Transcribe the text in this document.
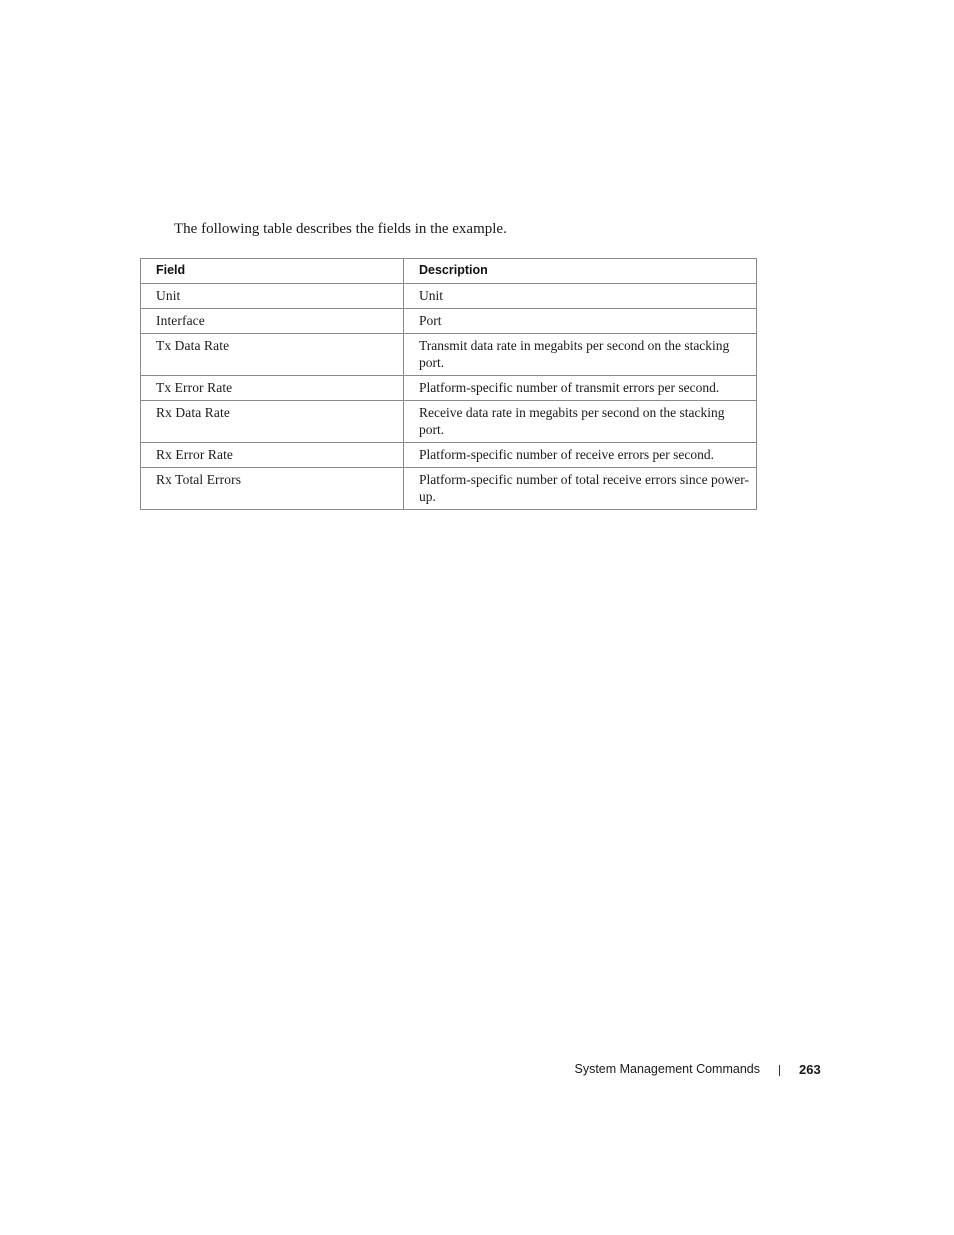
The following table describes the fields in the example.

Field	Description
Unit	Unit
Interface	Port
Tx Data Rate	Transmit data rate in megabits per second on the stacking port.
Tx Error Rate	Platform-specific number of transmit errors per second.
Rx Data Rate	Receive data rate in megabits per second on the stacking port.
Rx Error Rate	Platform-specific number of receive errors per second.
Rx Total Errors	Platform-specific number of total receive errors since power-up.
System Management Commands	263
